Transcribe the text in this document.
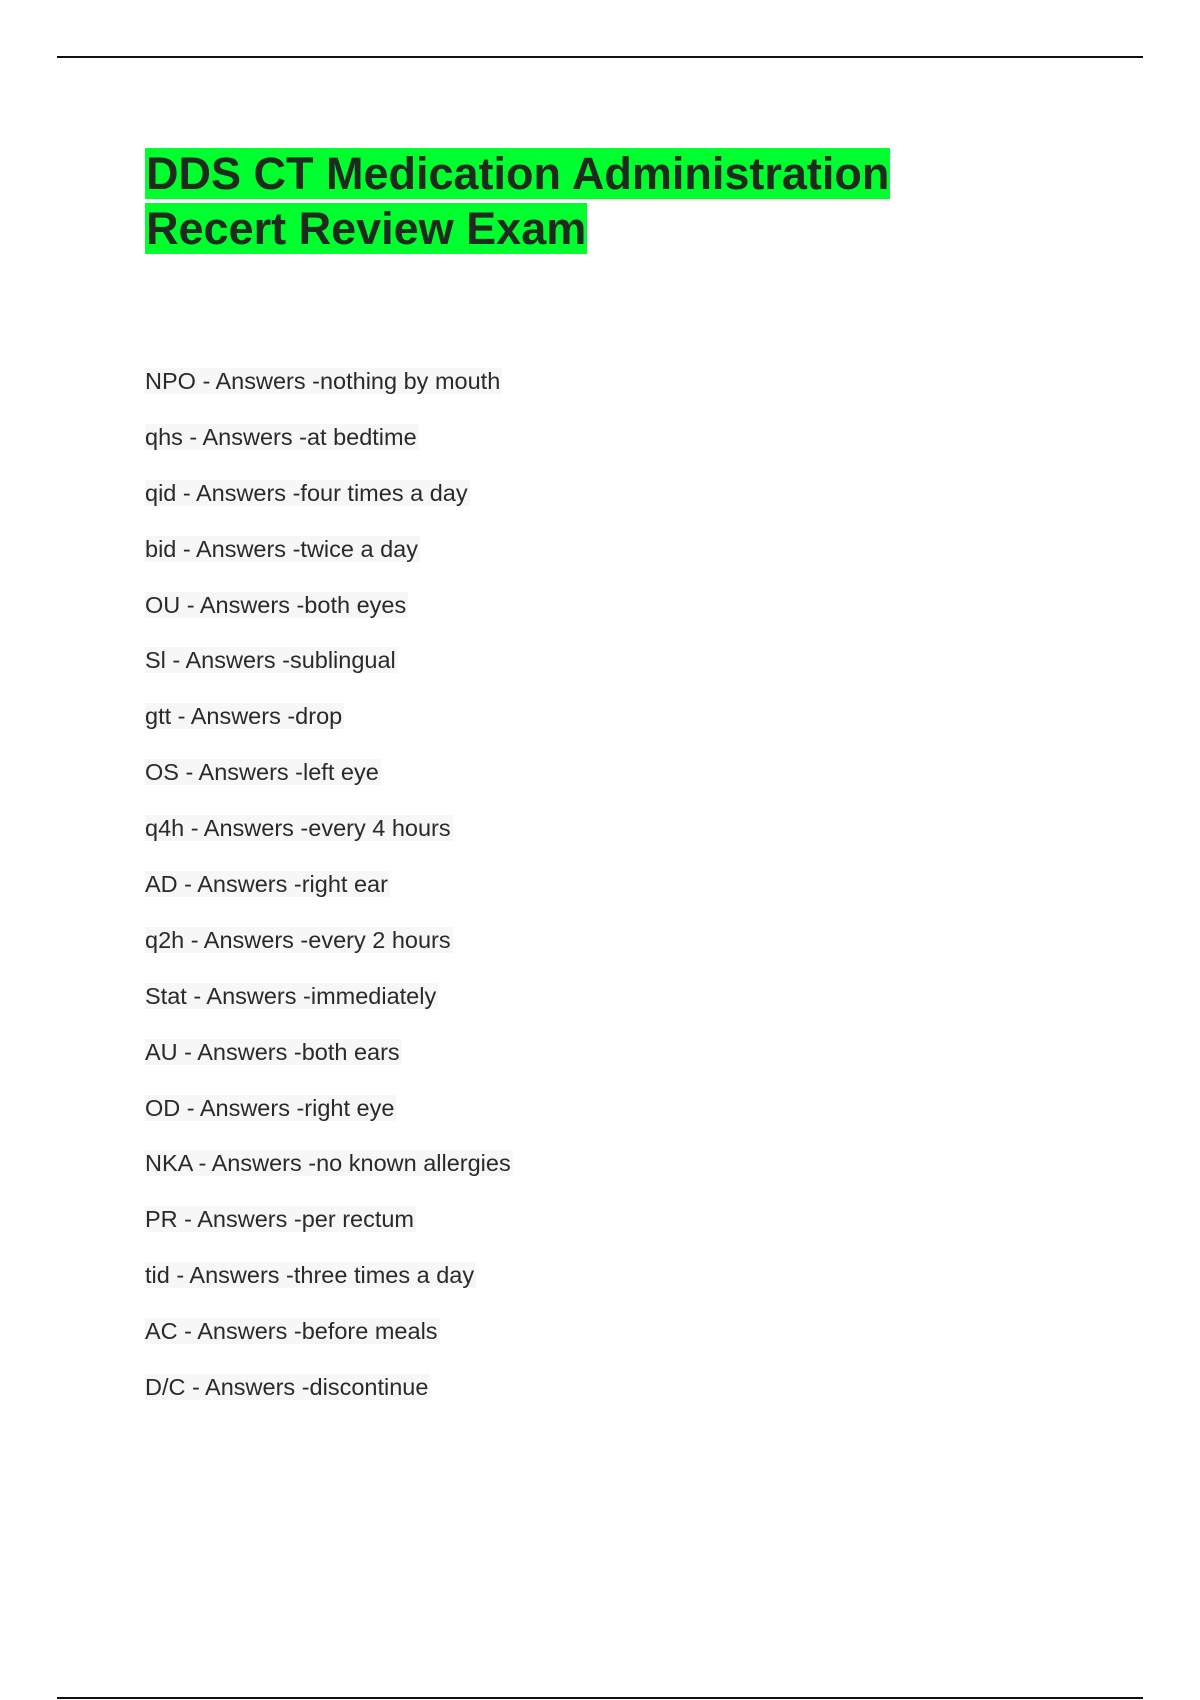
DDS CT Medication Administration
Recert Review Exam
NPO - Answers -nothing by mouth
qhs - Answers -at bedtime
qid - Answers -four times a day
bid - Answers -twice a day
OU - Answers -both eyes
Sl - Answers -sublingual
gtt - Answers -drop
OS - Answers -left eye
q4h - Answers -every 4 hours
AD - Answers -right ear
q2h - Answers -every 2 hours
Stat - Answers -immediately
AU - Answers -both ears
OD - Answers -right eye
NKA - Answers -no known allergies
PR - Answers -per rectum
tid - Answers -three times a day
AC - Answers -before meals
D/C - Answers -discontinue
